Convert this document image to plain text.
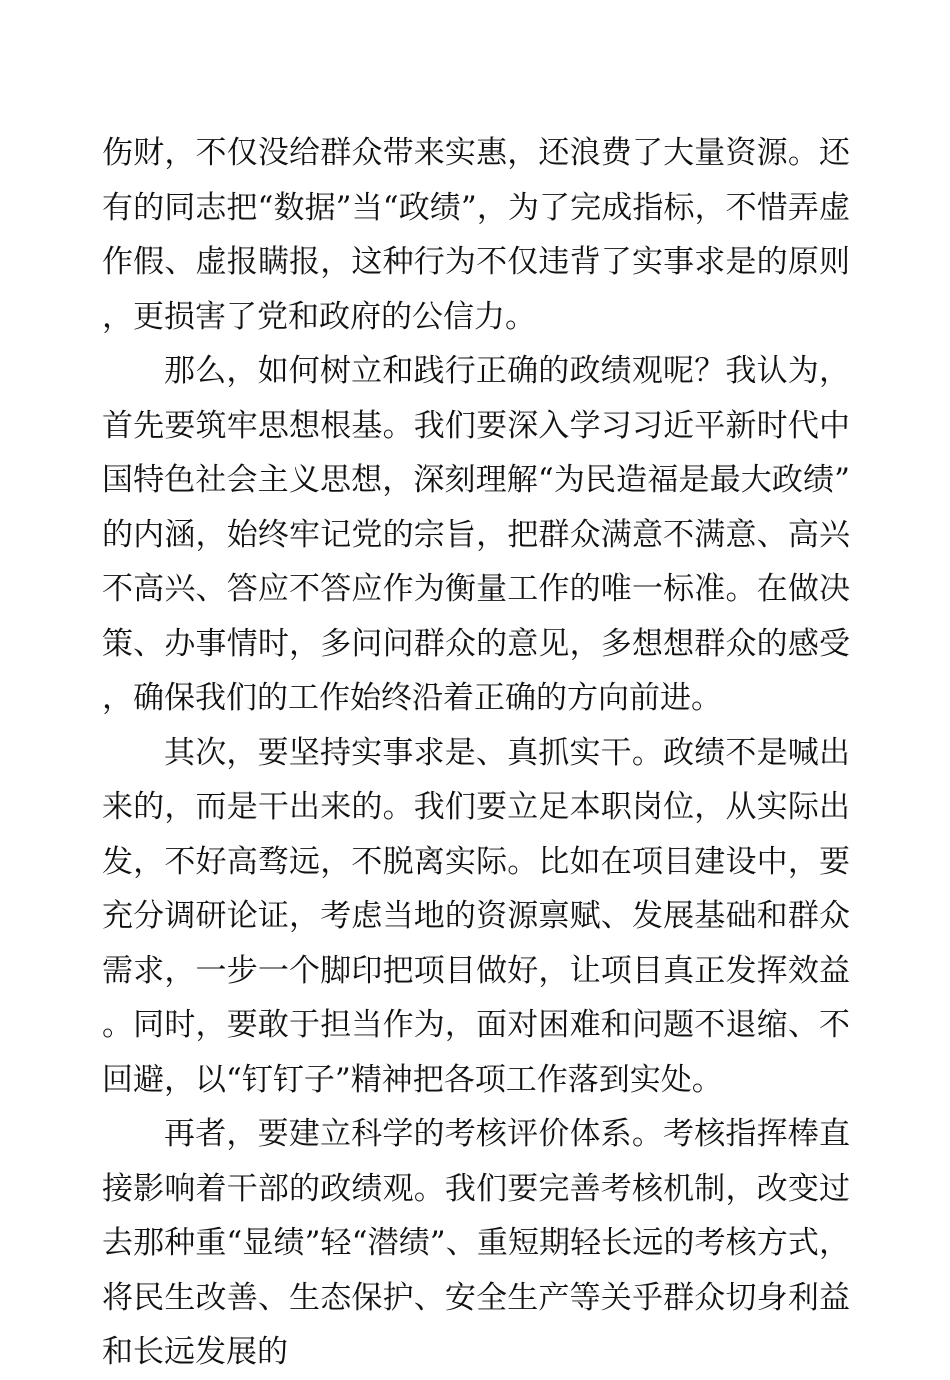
伤财，不仅没给群众带来实惠，还浪费了大量资源。还有的同志把“数据”当“政绩”，为了完成指标，不惜弄虚作假、虚报瞒报，这种行为不仅违背了实事求是的原则，更损害了党和政府的公信力。

那么，如何树立和践行正确的政绩观呢？我认为，首先要筑牢思想根基。我们要深入学习习近平新时代中国特色社会主义思想，深刻理解“为民造福是最大政绩”的内涵，始终牢记党的宗旨，把群众满意不满意、高兴不高兴、答应不答应作为衡量工作的唯一标准。在做决策、办事情时，多问问群众的意见，多想想群众的感受，确保我们的工作始终沿着正确的方向前进。

其次，要坚持实事求是、真抓实干。政绩不是喊出来的，而是干出来的。我们要立足本职岗位，从实际出发，不好高骛远，不脱离实际。比如在项目建设中，要充分调研论证，考虑当地的资源禀赋、发展基础和群众需求，一步一个脚印把项目做好，让项目真正发挥效益。同时，要敢于担当作为，面对困难和问题不退缩、不回避，以“钉钉子”精神把各项工作落到实处。

再者，要建立科学的考核评价体系。考核指挥棒直接影响着干部的政绩观。我们要完善考核机制，改变过去那种重“显绩”轻“潜绩”、重短期轻长远的考核方式，将民生改善、生态保护、安全生产等关乎群众切身利益和长远发展的
